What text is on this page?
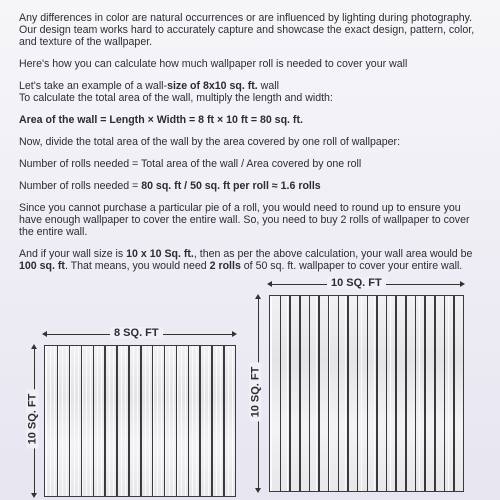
Any differences in color are natural occurrences or are influenced by lighting during photography. Our design team works hard to accurately capture and showcase the exact design, pattern, color, and texture of the wallpaper.

Here's how you can calculate how much wallpaper roll is needed to cover your wall

Let's take an example of a wall-size of 8x10 sq. ft. wall
To calculate the total area of the wall, multiply the length and width:

Area of the wall = Length × Width = 8 ft × 10 ft = 80 sq. ft.

Now, divide the total area of the wall by the area covered by one roll of wallpaper:

Number of rolls needed = Total area of the wall / Area covered by one roll

Number of rolls needed = 80 sq. ft / 50 sq. ft per roll ≈ 1.6 rolls

Since you cannot purchase a particular pie of a roll, you would need to round up to ensure you have enough wallpaper to cover the entire wall. So, you need to buy 2 rolls of wallpaper to cover the entire wall.

And if your wall size is 10 x 10 Sq. ft., then as per the above calculation, your wall area would be 100 sq. ft. That means, you would need 2 rolls of 50 sq. ft. wallpaper to cover your entire wall.

8 SQ. FT
10 SQ. FT
10 SQ. FT
10 SQ. FT
